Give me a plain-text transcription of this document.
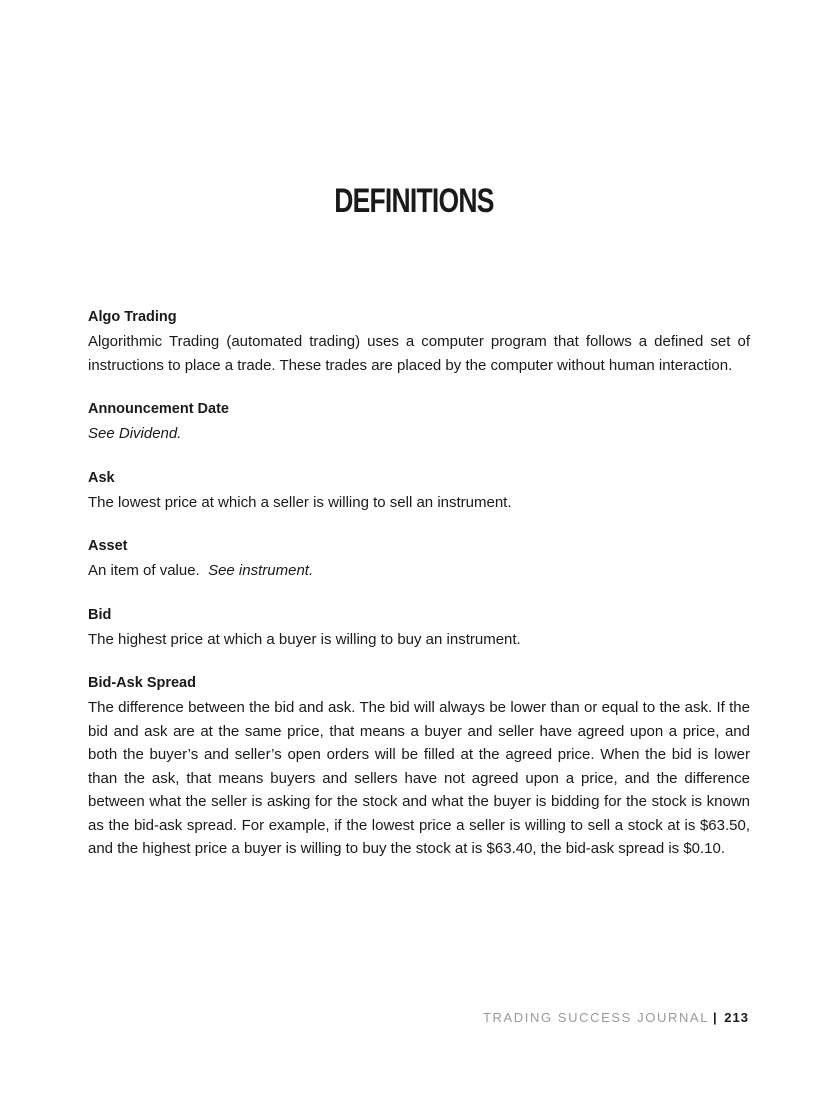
DEFINITIONS
Algo Trading

Algorithmic Trading (automated trading) uses a computer program that follows a defined set of instructions to place a trade. These trades are placed by the computer without human interaction.

Announcement Date

See Dividend.

Ask

The lowest price at which a seller is willing to sell an instrument.

Asset

An item of value. See instrument.

Bid

The highest price at which a buyer is willing to buy an instrument.

Bid-Ask Spread

The difference between the bid and ask. The bid will always be lower than or equal to the ask. If the bid and ask are at the same price, that means a buyer and seller have agreed upon a price, and both the buyer’s and seller’s open orders will be filled at the agreed price. When the bid is lower than the ask, that means buyers and sellers have not agreed upon a price, and the difference between what the seller is asking for the stock and what the buyer is bidding for the stock is known as the bid-ask spread. For example, if the lowest price a seller is willing to sell a stock at is $63.50, and the highest price a buyer is willing to buy the stock at is $63.40, the bid-ask spread is $0.10.

TRADING SUCCESS JOURNAL | 213
